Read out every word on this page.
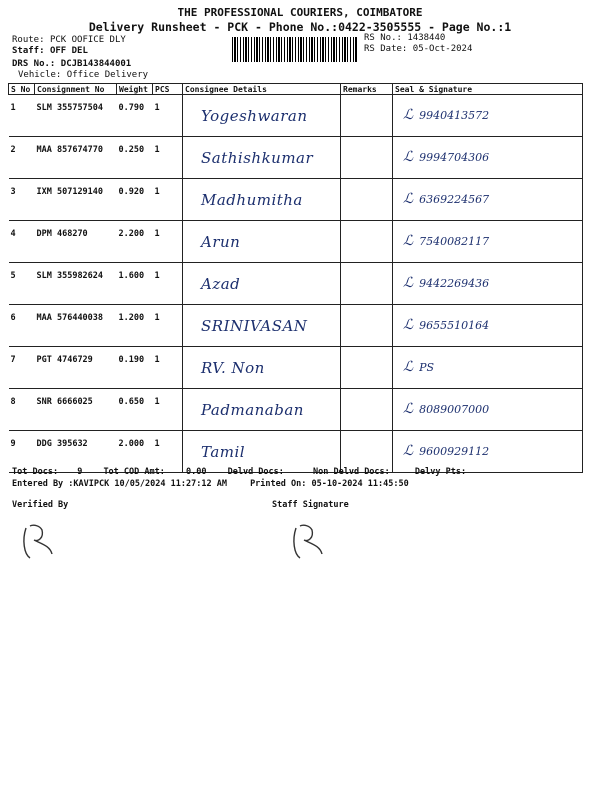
THE PROFESSIONAL COURIERS, COIMBATORE
Delivery Runsheet - PCK - Phone No.:0422-3505555 - Page No.:1
Route: PCK OOFICE DLY
Staff: OFF DEL
DRS No.: DCJB143844001
Vehicle: Office Delivery
RS No.: 1438440
RS Date: 05-Oct-2024
S No	Consignment No	Weight	PCS	Consignee Details	Remarks	Seal & Signature
1	SLM 355757504	0.790	1	Yogeshwaran		ℒ 9940413572

2	MAA 857674770	0.250	1	Sathishkumar		ℒ 9994704306

3	IXM 507129140	0.920	1	Madhumitha		ℒ 6369224567

4	DPM 468270	2.200	1	Arun		ℒ 7540082117

5	SLM 355982624	1.600	1	Azad		ℒ 9442269436

6	MAA 576440038	1.200	1	SRINIVASAN		ℒ 9655510164

7	PGT 4746729	0.190	1	RV. Non		ℒ PS

8	SNR 6666025	0.650	1	Padmanaban		ℒ 8089007000

9	DDG 395632	2.000	1	Tamil		ℒ 9600929112
Tot Docs: 9 Tot COD Amt: 0.00 Delvd Docs:	Non Delvd Docs:	Delvy Pts:
Entered By :KAVIPCK 10/05/2024 11:27:12 AM	Printed On: 05-10-2024 11:45:50
Verified By	Staff Signature
